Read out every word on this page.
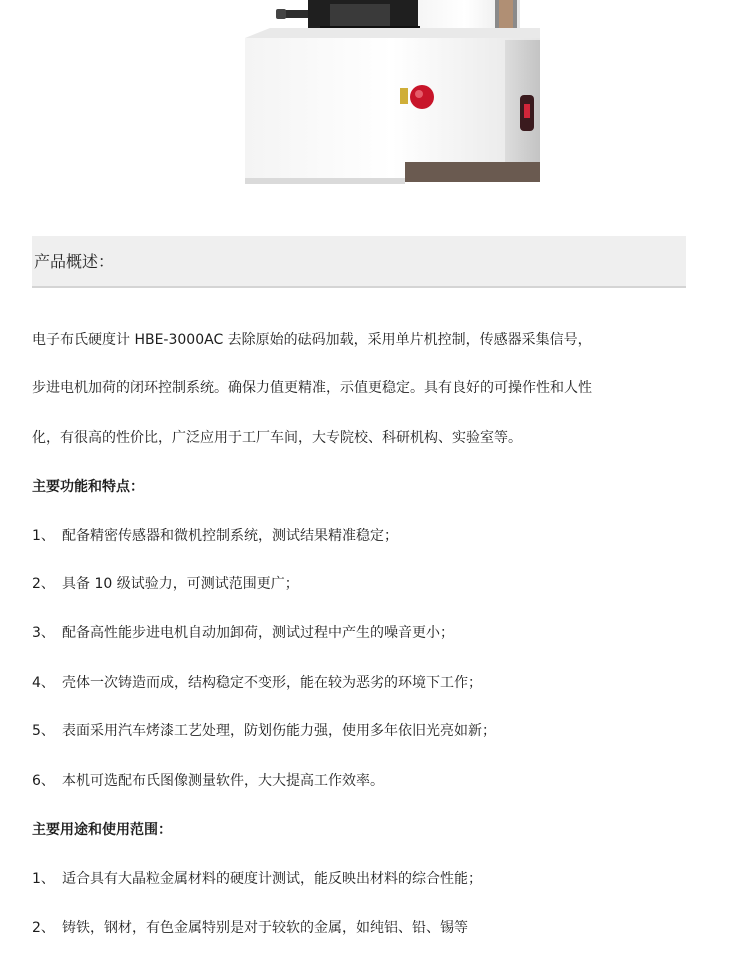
产品概述：
电子布氏硬度计 HBE-3000AC 去除原始的砝码加载，采用单片机控制，传感器采集信号，
步进电机加荷的闭环控制系统。确保力值更精准，示值更稳定。具有良好的可操作性和人性
化，有很高的性价比，广泛应用于工厂车间，大专院校、科研机构、实验室等。
主要功能和特点：
1、 配备精密传感器和微机控制系统，测试结果精准稳定；
2、 具备 10 级试验力，可测试范围更广；
3、 配备高性能步进电机自动加卸荷，测试过程中产生的噪音更小；
4、 壳体一次铸造而成，结构稳定不变形，能在较为恶劣的环境下工作；
5、 表面采用汽车烤漆工艺处理，防划伤能力强，使用多年依旧光亮如新；
6、 本机可选配布氏图像测量软件，大大提高工作效率。
主要用途和使用范围：
1、 适合具有大晶粒金属材料的硬度计测试，能反映出材料的综合性能；
2、 铸铁，钢材，有色金属特别是对于较软的金属，如纯铝、铅、锡等
